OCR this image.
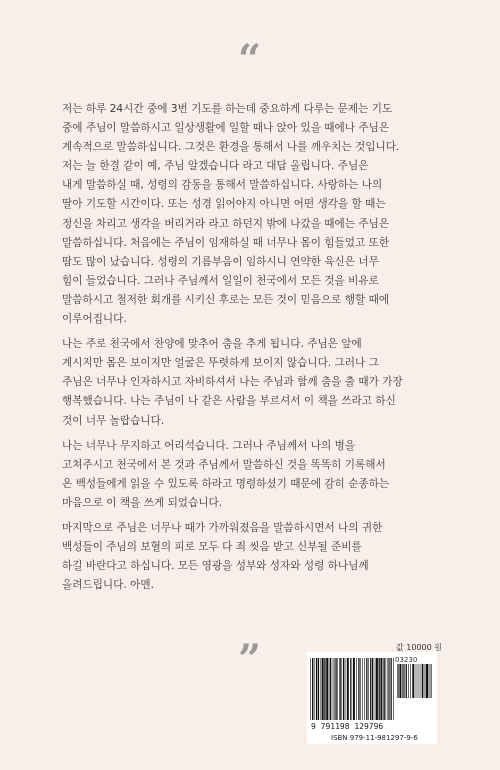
“
저는 하루 24시간 중에 3번 기도를 하는데 중요하게 다루는 문제는 기도
중에 주님이 말씀하시고 일상생활에 일할 때나 앉아 있을 때에나 주님은
계속적으로 말씀하십니다. 그것은 환경을 통해서 나를 깨우치는 것입니다.
저는 늘 한결 같이 예, 주님 알겠습니다 라고 대답 올립니다. 주님은
내게 말씀하실 때, 성령의 감동을 통해서 말씀하십니다. 사랑하는 나의
딸아 기도할 시간이다. 또는 성경 읽어야지 아니면 어떤 생각을 할 때는
정신을 차리고 생각을 버리거라 라고 하던지 밖에 나갔을 때에는 주님은
말씀하십니다. 처음에는 주님이 임재하실 때 너무나 몸이 힘들었고 또한
땀도 많이 났습니다. 성령의 기름부음이 임하시니 연약한 육신은 너무
힘이 들었습니다. 그러나 주님께서 일일이 천국에서 모든 것을 비유로
말씀하시고 철저한 회개를 시키신 후로는 모든 것이 믿음으로 행할 때에
이루어집니다.
나는 주로 천국에서 찬양에 맞추어 춤을 추게 됩니다. 주님은 앞에
계시지만 몸은 보이지만 얼굴은 뚜렷하게 보이지 않습니다. 그러나 그
주님은 너무나 인자하시고 자비하셔서 나는 주님과 함께 춤을 출 때가 가장
행복했습니다. 나는 주님이 나 같은 사람을 부르셔서 이 책을 쓰라고 하신
것이 너무 놀랍습니다.
나는 너무나 무지하고 어리석습니다. 그러나 주님께서 나의 병을
고쳐주시고 천국에서 본 것과 주님께서 말씀하신 것을 똑똑히 기록해서
온 백성들에게 읽을 수 있도록 하라고 명령하셨기 때문에 감히 순종하는
마음으로 이 책을 쓰게 되었습니다.
마지막으로 주님은 너무나 때가 가까워졌음을 말씀하시면서 나의 귀한
백성들이 주님의 보혈의 피로 모두 다 죄 씻음 받고 신부될 준비를
하길 바란다고 하십니다. 모든 영광을 성부와 성자와 성령 하나님께
올려드립니다. 아멘.
”	값 10000 원
03230
9 791198 129796
ISBN 979-11-981297-9-6
